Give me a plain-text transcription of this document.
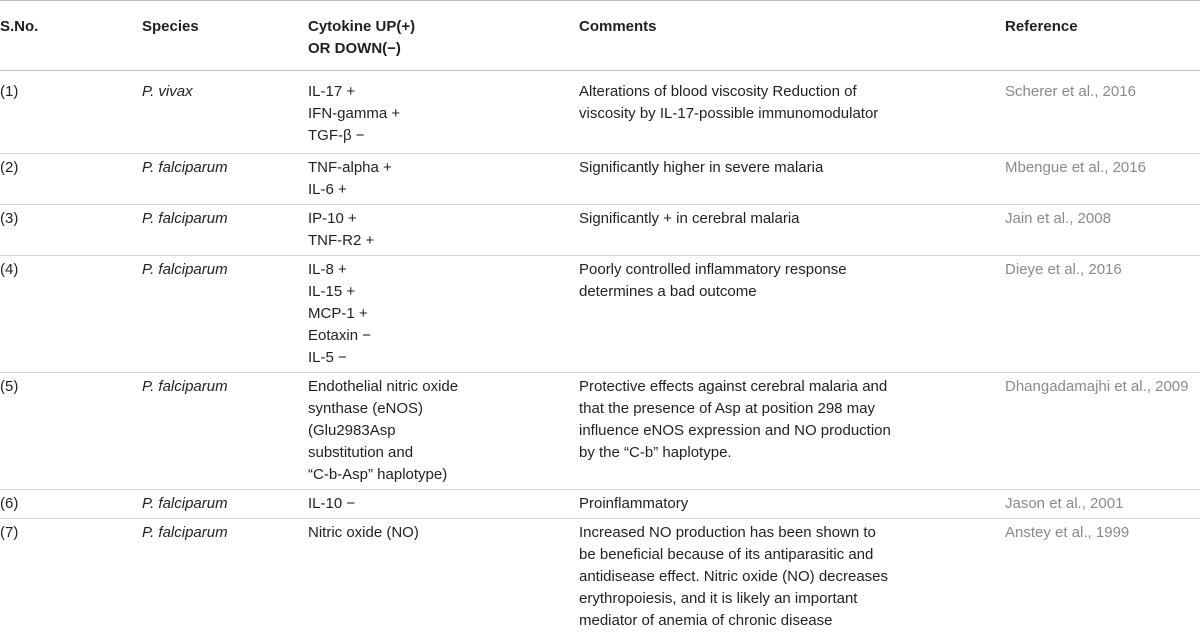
S.No.	Species	Cytokine UP(+)
OR DOWN(−)	Comments	Reference
(1)	P. vivax	IL-17 +
IFN-gamma +
TGF-β −	Alterations of blood viscosity Reduction of
viscosity by IL-17-possible immunomodulator	Scherer et al., 2016
(2)	P. falciparum	TNF-alpha +
IL-6 +	Significantly higher in severe malaria	Mbengue et al., 2016
(3)	P. falciparum	IP-10 +
TNF-R2 +	Significantly + in cerebral malaria	Jain et al., 2008
(4)	P. falciparum	IL-8 +
IL-15 +
MCP-1 +
Eotaxin −
IL-5 −	Poorly controlled inflammatory response
determines a bad outcome	Dieye et al., 2016
(5)	P. falciparum	Endothelial nitric oxide
synthase (eNOS)
(Glu2983Asp
substitution and
“C-b-Asp” haplotype)	Protective effects against cerebral malaria and
that the presence of Asp at position 298 may
influence eNOS expression and NO production
by the “C-b” haplotype.	Dhangadamajhi et al., 2009
(6)	P. falciparum	IL-10 −	Proinflammatory	Jason et al., 2001
(7)	P. falciparum	Nitric oxide (NO)	Increased NO production has been shown to
be beneficial because of its antiparasitic and
antidisease effect. Nitric oxide (NO) decreases
erythropoiesis, and it is likely an important
mediator of anemia of chronic disease	Anstey et al., 1999
